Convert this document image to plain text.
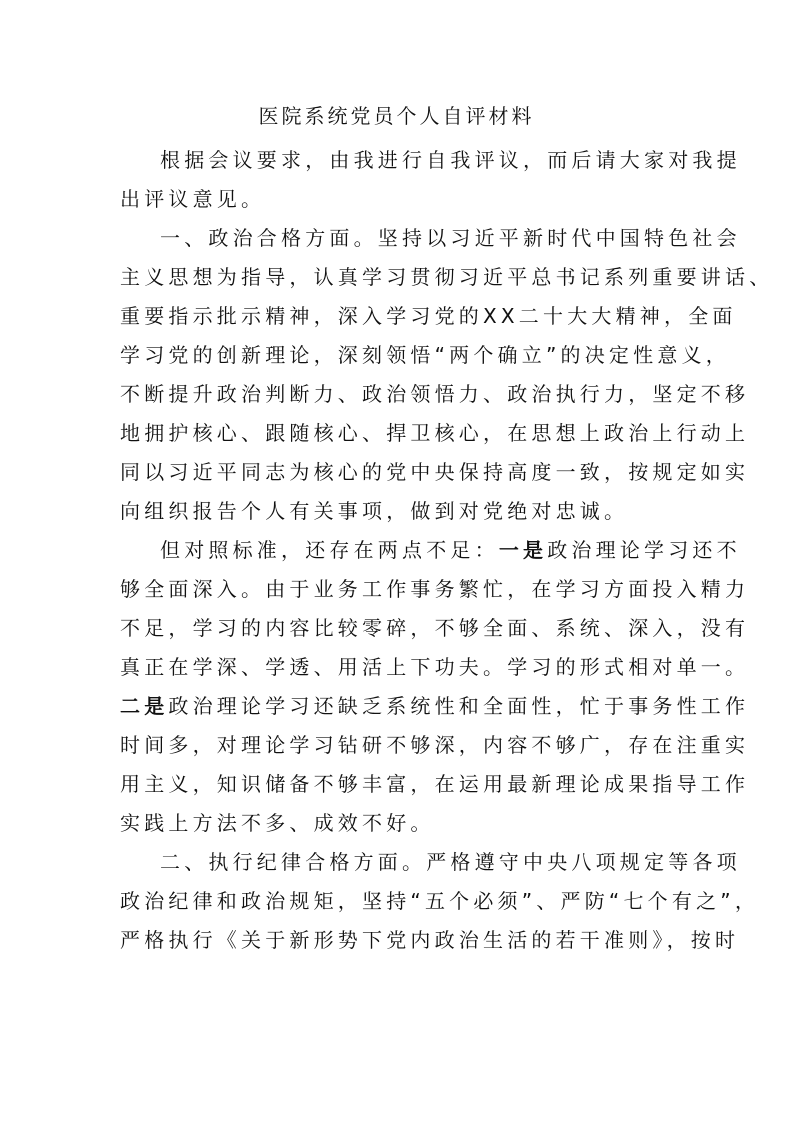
医院系统党员个人自评材料
根据会议要求，由我进行自我评议，而后请大家对我提
出评议意见。
一、政治合格方面。坚持以习近平新时代中国特色社会
主义思想为指导，认真学习贯彻习近平总书记系列重要讲话、
重要指示批示精神，深入学习党的XX二十大大精神，全面
学习党的创新理论，深刻领悟“两个确立”的决定性意义，
不断提升政治判断力、政治领悟力、政治执行力，坚定不移
地拥护核心、跟随核心、捍卫核心，在思想上政治上行动上
同以习近平同志为核心的党中央保持高度一致，按规定如实
向组织报告个人有关事项，做到对党绝对忠诚。
但对照标准，还存在两点不足：一是政治理论学习还不
够全面深入。由于业务工作事务繁忙，在学习方面投入精力
不足，学习的内容比较零碎，不够全面、系统、深入，没有
真正在学深、学透、用活上下功夫。学习的形式相对单一。
二是政治理论学习还缺乏系统性和全面性，忙于事务性工作
时间多，对理论学习钻研不够深，内容不够广，存在注重实
用主义，知识储备不够丰富，在运用最新理论成果指导工作
实践上方法不多、成效不好。
二、执行纪律合格方面。严格遵守中央八项规定等各项
政治纪律和政治规矩，坚持“五个必须”、严防“七个有之”，
严格执行《关于新形势下党内政治生活的若干准则》，按时
